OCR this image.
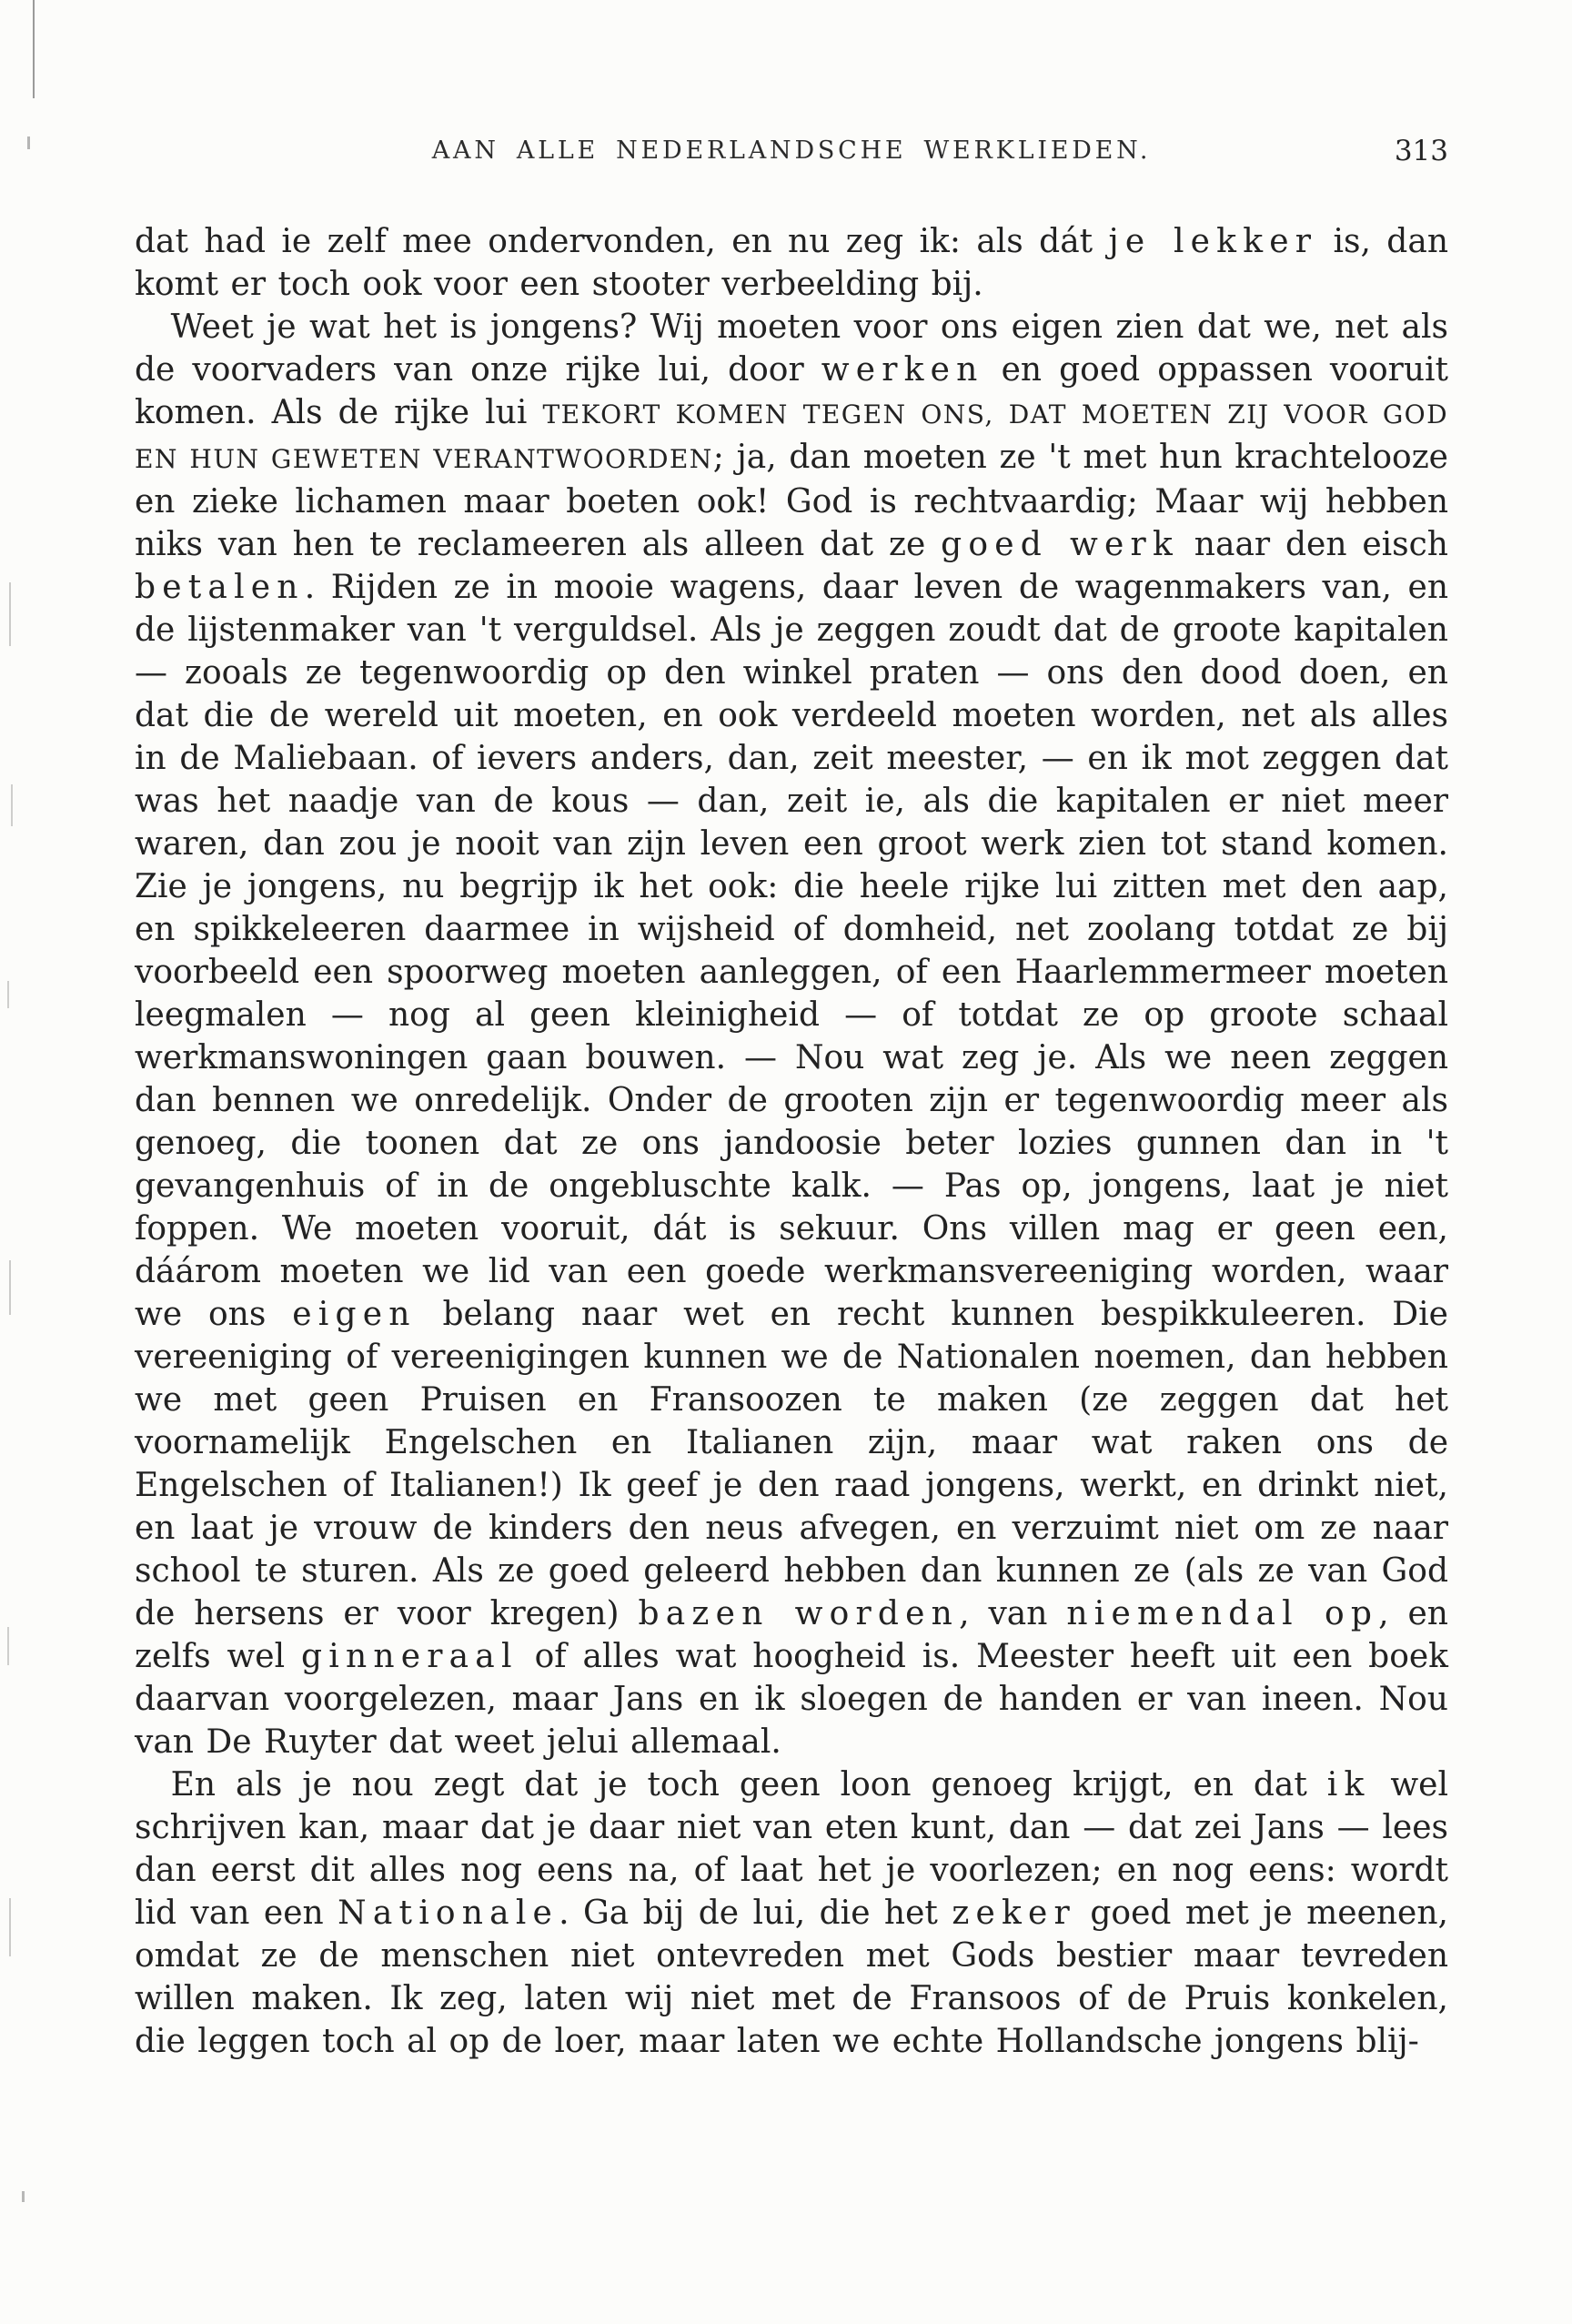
AAN ALLE NEDERLANDSCHE WERKLIEDEN.	313

dat had ie zelf mee ondervonden, en nu zeg ik: als dát je lekker is, dan komt er toch ook voor een stooter verbeelding bij.

Weet je wat het is jongens? Wij moeten voor ons eigen zien dat we, net als de voorvaders van onze rijke lui, door werken en goed oppassen vooruit komen. Als de rijke lui TEKORT KOMEN TEGEN ONS, DAT MOETEN ZIJ VOOR GOD EN HUN GEWETEN VERANTWOORDEN; ja, dan moeten ze 't met hun krachtelooze en zieke lichamen maar boeten ook! God is rechtvaardig; Maar wij hebben niks van hen te reclameeren als alleen dat ze goed werk naar den eisch betalen. Rijden ze in mooie wagens, daar leven de wagenmakers van, en de lijstenmaker van 't verguldsel. Als je zeggen zoudt dat de groote kapitalen — zooals ze tegenwoordig op den winkel praten — ons den dood doen, en dat die de wereld uit moeten, en ook verdeeld moeten worden, net als alles in de Maliebaan. of ievers anders, dan, zeit meester, — en ik mot zeggen dat was het naadje van de kous — dan, zeit ie, als die kapitalen er niet meer waren, dan zou je nooit van zijn leven een groot werk zien tot stand komen. Zie je jongens, nu begrijp ik het ook: die heele rijke lui zitten met den aap, en spikkeleeren daarmee in wijsheid of domheid, net zoolang totdat ze bij voorbeeld een spoorweg moeten aanleggen, of een Haarlemmermeer moeten leegmalen — nog al geen kleinigheid — of totdat ze op groote schaal werkmanswoningen gaan bouwen. — Nou wat zeg je. Als we neen zeggen dan bennen we onredelijk. Onder de grooten zijn er tegenwoordig meer als genoeg, die toonen dat ze ons jandoosie beter lozies gunnen dan in 't gevangenhuis of in de ongebluschte kalk. — Pas op, jongens, laat je niet foppen. We moeten vooruit, dát is sekuur. Ons villen mag er geen een, dáárom moeten we lid van een goede werkmansvereeniging worden, waar we ons eigen belang naar wet en recht kunnen bespikkuleeren. Die vereeniging of vereenigingen kunnen we de Nationalen noemen, dan hebben we met geen Pruisen en Fransoozen te maken (ze zeggen dat het voornamelijk Engelschen en Italianen zijn, maar wat raken ons de Engelschen of Italianen!) Ik geef je den raad jongens, werkt, en drinkt niet, en laat je vrouw de kinders den neus afvegen, en verzuimt niet om ze naar school te sturen. Als ze goed geleerd hebben dan kunnen ze (als ze van God de hersens er voor kregen) bazen worden, van niemendal op, en zelfs wel ginneraal of alles wat hoogheid is. Meester heeft uit een boek daarvan voorgelezen, maar Jans en ik sloegen de handen er van ineen. Nou van De Ruyter dat weet jelui allemaal.

En als je nou zegt dat je toch geen loon genoeg krijgt, en dat ik wel schrijven kan, maar dat je daar niet van eten kunt, dan — dat zei Jans — lees dan eerst dit alles nog eens na, of laat het je voorlezen; en nog eens: wordt lid van een Nationale. Ga bij de lui, die het zeker goed met je meenen, omdat ze de menschen niet ontevreden met Gods bestier maar tevreden willen maken. Ik zeg, laten wij niet met de Fransoos of de Pruis konkelen, die leggen toch al op de loer, maar laten we echte Hollandsche jongens blij-
